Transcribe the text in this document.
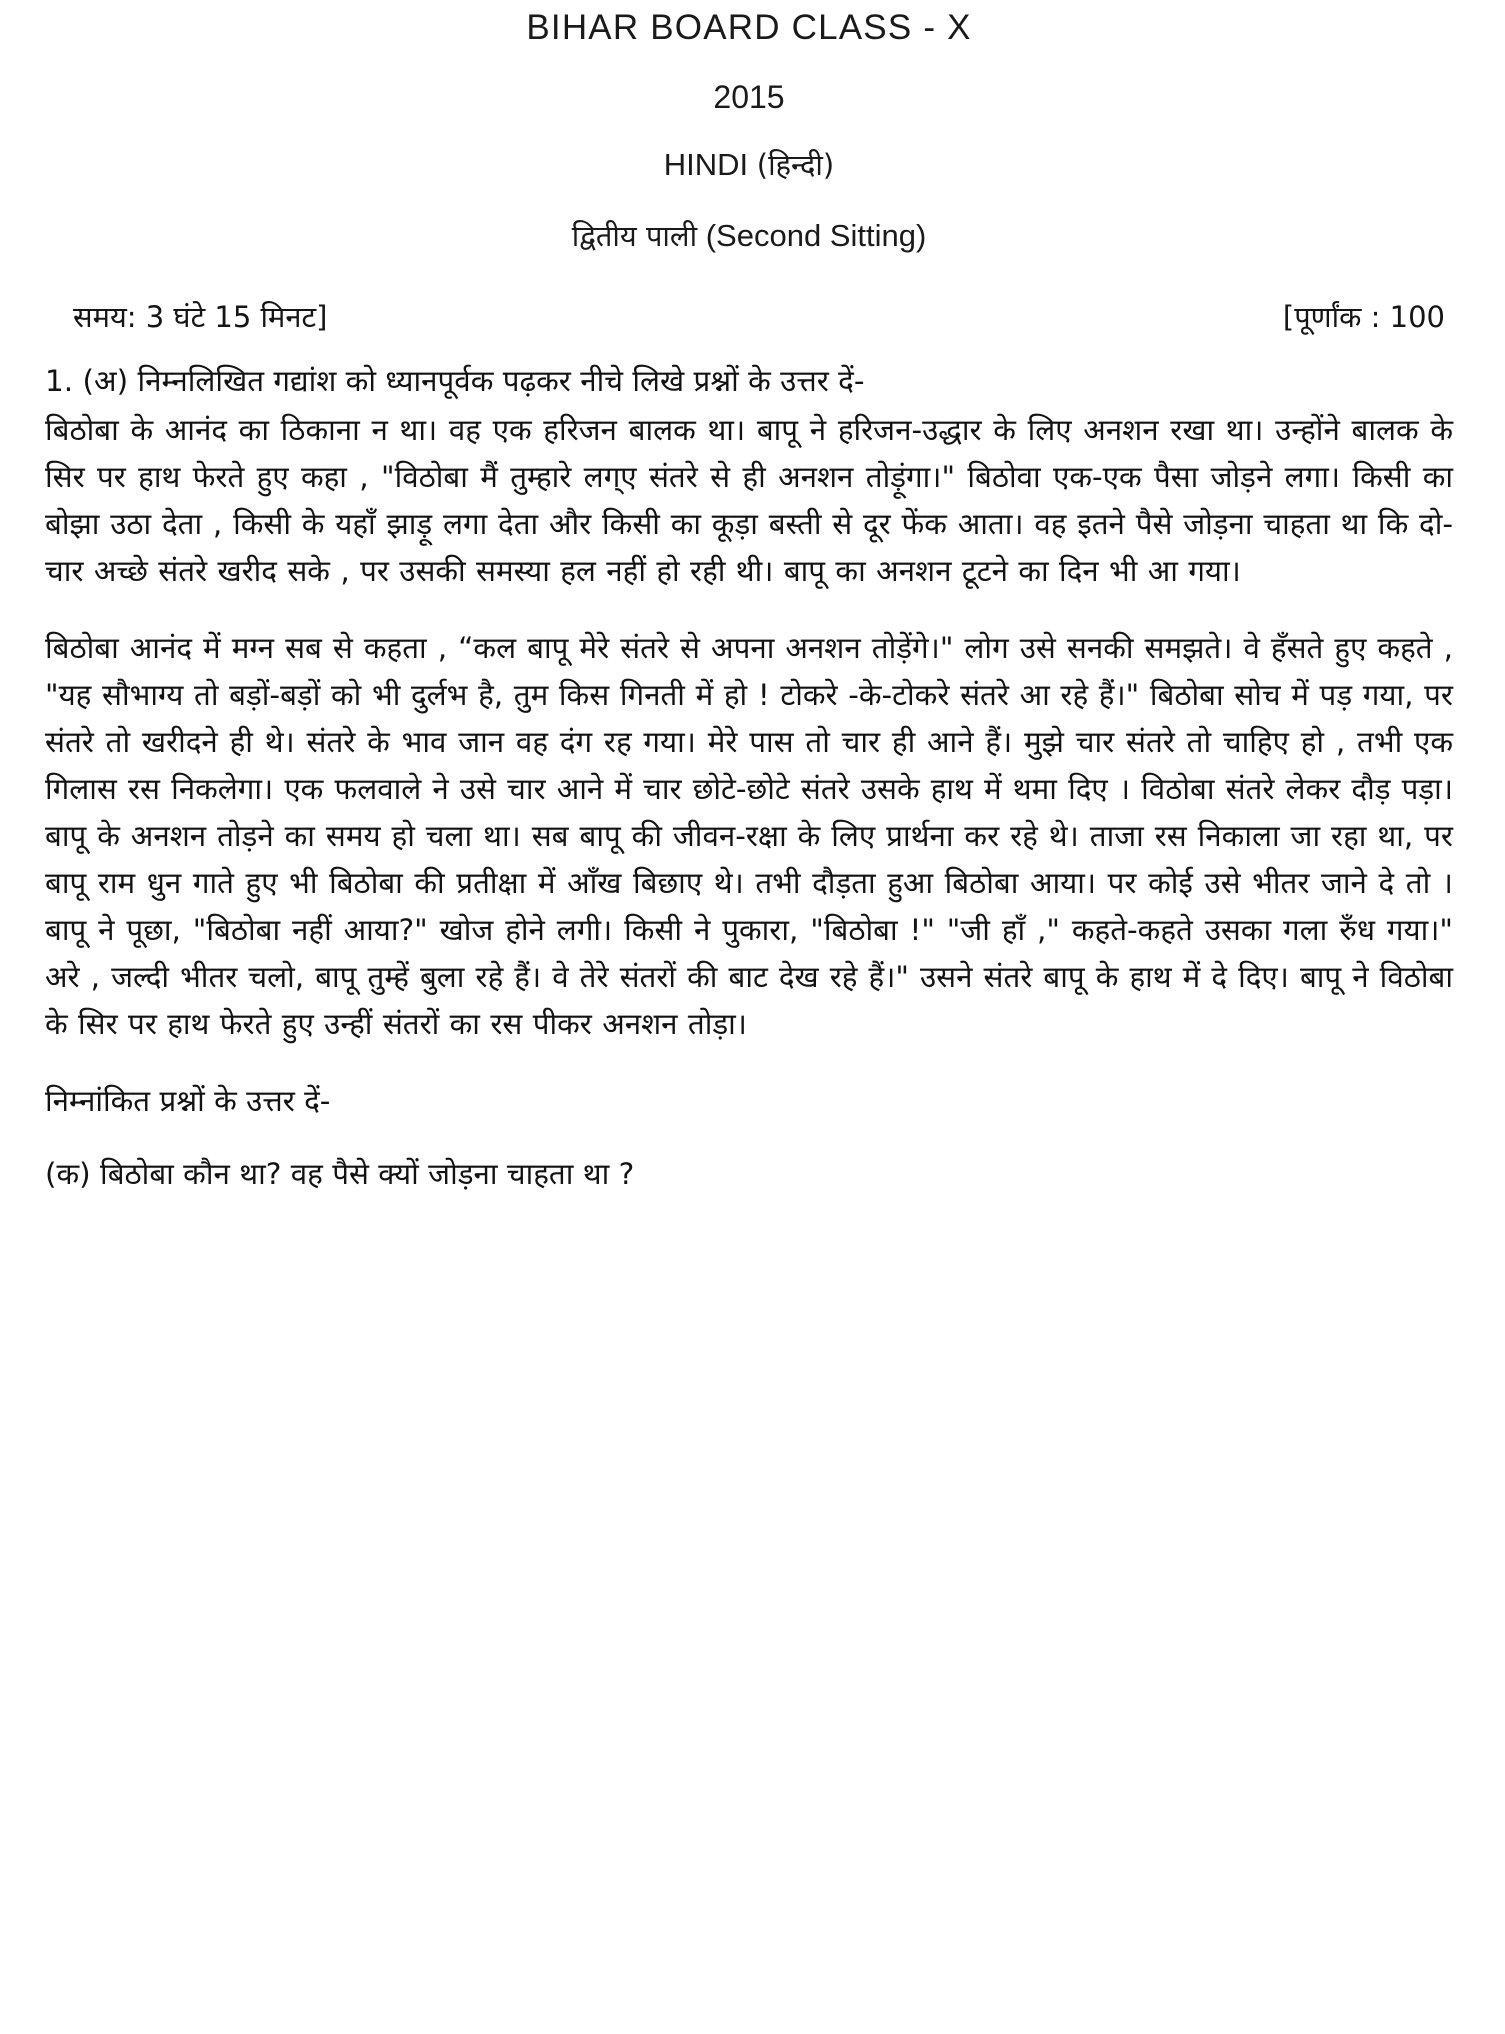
BIHAR BOARD CLASS - X
2015
HINDI (हिन्दी)
द्वितीय पाली (Second Sitting)
समय: 3 घंटे 15 मिनट]	[पूर्णांक : 100
1. (अ) निम्नलिखित गद्यांश को ध्यानपूर्वक पढ़कर नीचे लिखे प्रश्नों के उत्तर दें-

बिठोबा के आनंद का ठिकाना न था। वह एक हरिजन बालक था। बापू ने हरिजन-उद्धार के लिए अनशन रखा था। उन्होंने बालक के सिर पर हाथ फेरते हुए कहा , "विठोबा मैं तुम्हारे लग्ए संतरे से ही अनशन तोड़ूंगा।" बिठोवा एक-एक पैसा जोड़ने लगा। किसी का बोझा उठा देता , किसी के यहाँ झाड़ू लगा देता और किसी का कूड़ा बस्ती से दूर फेंक आता। वह इतने पैसे जोड़ना चाहता था कि दो-चार अच्छे संतरे खरीद सके , पर उसकी समस्या हल नहीं हो रही थी। बापू का अनशन टूटने का दिन भी आ गया।

बिठोबा आनंद में मग्न सब से कहता , “कल बापू मेरे संतरे से अपना अनशन तोड़ेंगे।" लोग उसे सनकी समझते। वे हँसते हुए कहते , "यह सौभाग्य तो बड़ों-बड़ों को भी दुर्लभ है, तुम किस गिनती में हो ! टोकरे -के-टोकरे संतरे आ रहे हैं।" बिठोबा सोच में पड़ गया, पर संतरे तो खरीदने ही थे। संतरे के भाव जान वह दंग रह गया। मेरे पास तो चार ही आने हैं। मुझे चार संतरे तो चाहिए हो , तभी एक गिलास रस निकलेगा। एक फलवाले ने उसे चार आने में चार छोटे-छोटे संतरे उसके हाथ में थमा दिए । विठोबा संतरे लेकर दौड़ पड़ा। बापू के अनशन तोड़ने का समय हो चला था। सब बापू की जीवन-रक्षा के लिए प्रार्थना कर रहे थे। ताजा रस निकाला जा रहा था, पर बापू राम धुन गाते हुए भी बिठोबा की प्रतीक्षा में आँख बिछाए थे। तभी दौड़ता हुआ बिठोबा आया। पर कोई उसे भीतर जाने दे तो । बापू ने पूछा, "बिठोबा नहीं आया?" खोज होने लगी। किसी ने पुकारा, "बिठोबा !" "जी हाँ ," कहते-कहते उसका गला रुँध गया।" अरे , जल्दी भीतर चलो, बापू तुम्हें बुला रहे हैं। वे तेरे संतरों की बाट देख रहे हैं।" उसने संतरे बापू के हाथ में दे दिए। बापू ने विठोबा के सिर पर हाथ फेरते हुए उन्हीं संतरों का रस पीकर अनशन तोड़ा।

निम्नांकित प्रश्नों के उत्तर दें-

(क) बिठोबा कौन था? वह पैसे क्यों जोड़ना चाहता था ?
